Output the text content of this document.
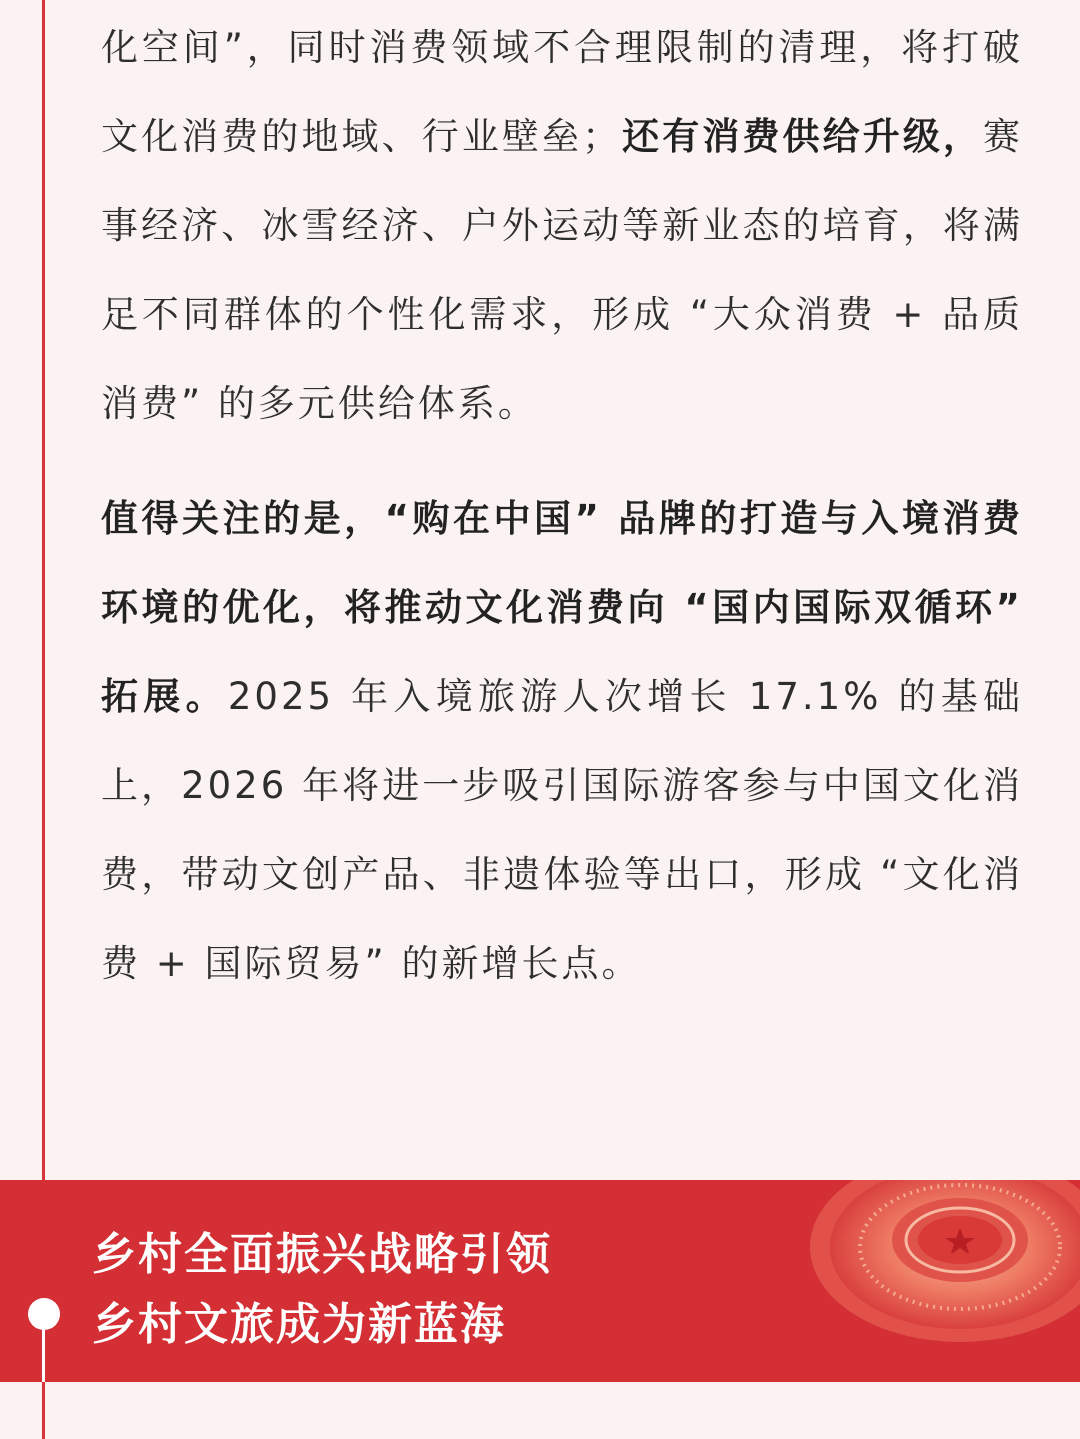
化空间”，同时消费领域不合理限制的清理，将打破文化消费的地域、行业壁垒；还有消费供给升级，赛事经济、冰雪经济、户外运动等新业态的培育，将满足不同群体的个性化需求，形成 “大众消费 + 品质消费” 的多元供给体系。

值得关注的是，“购在中国” 品牌的打造与入境消费环境的优化，将推动文化消费向 “国内国际双循环” 拓展。2025 年入境旅游人次增长 17.1% 的基础上，2026 年将进一步吸引国际游客参与中国文化消费，带动文创产品、非遗体验等出口，形成 “文化消费 + 国际贸易” 的新增长点。

乡村全面振兴战略引领
乡村文旅成为新蓝海
